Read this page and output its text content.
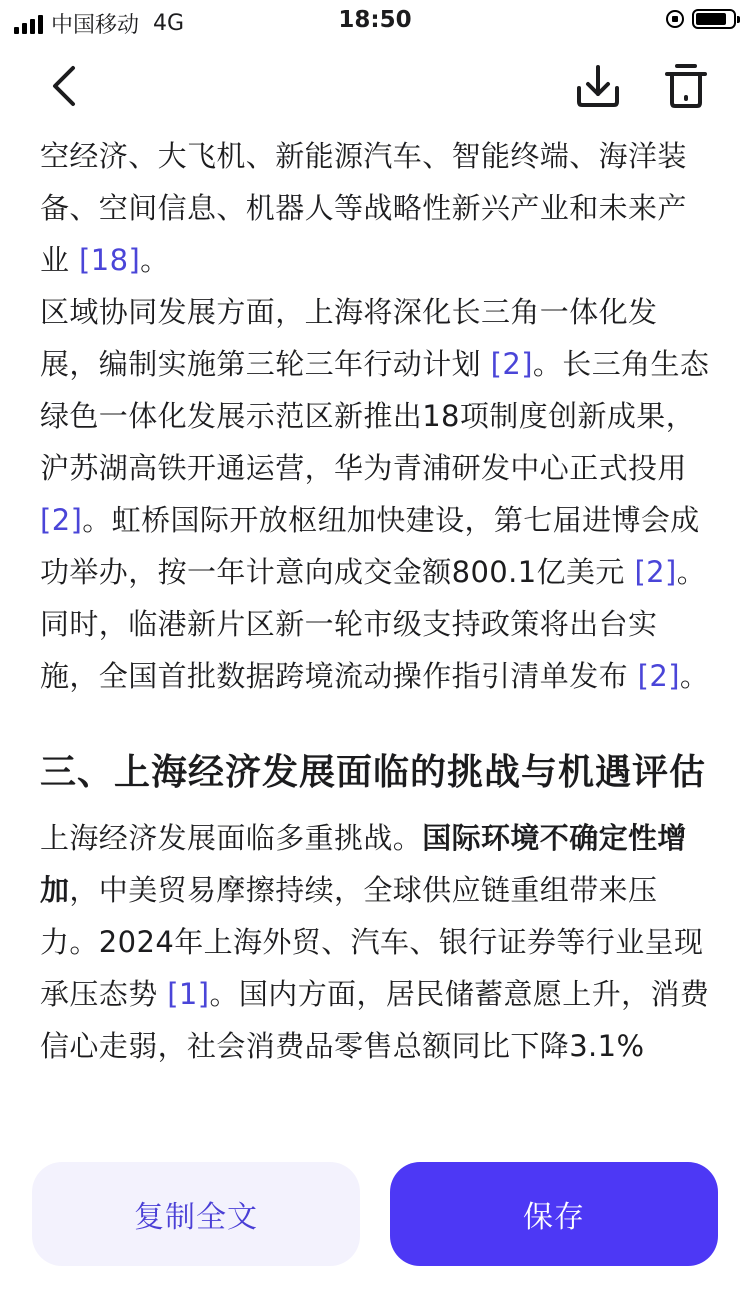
中国移动 4G	18:50

空经济、大飞机、新能源汽车、智能终端、海洋装备、空间信息、机器人等战略性新兴产业和未来产业 [18]。

区域协同发展方面，上海将深化长三角一体化发展，编制实施第三轮三年行动计划 [2]。长三角生态绿色一体化发展示范区新推出18项制度创新成果，沪苏湖高铁开通运营，华为青浦研发中心正式投用 [2]。虹桥国际开放枢纽加快建设，第七届进博会成功举办，按一年计意向成交金额800.1亿美元 [2]。同时，临港新片区新一轮市级支持政策将出台实施，全国首批数据跨境流动操作指引清单发布 [2]。

三、上海经济发展面临的挑战与机遇评估

上海经济发展面临多重挑战。国际环境不确定性增加，中美贸易摩擦持续，全球供应链重组带来压力。2024年上海外贸、汽车、银行证券等行业呈现承压态势 [1]。国内方面，居民储蓄意愿上升，消费信心走弱，社会消费品零售总额同比下降3.1%

复制全文	保存
